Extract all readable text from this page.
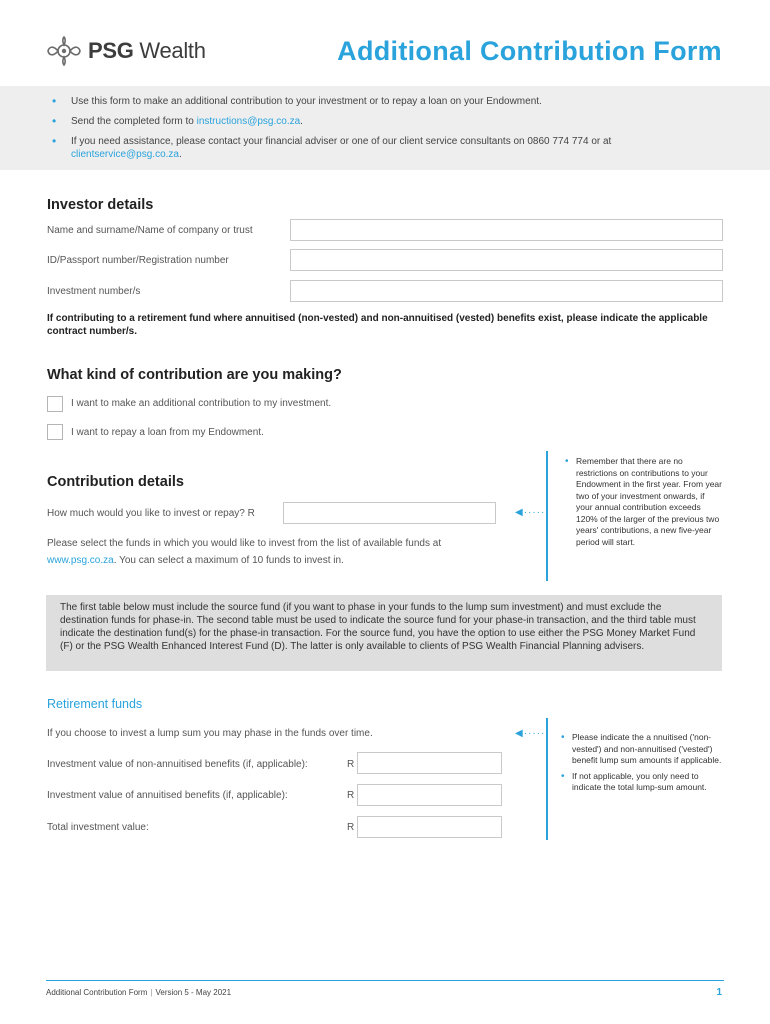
PSG Wealth	Additional Contribution Form
• Use this form to make an additional contribution to your investment or to repay a loan on your Endowment.
• Send the completed form to instructions@psg.co.za.
• If you need assistance, please contact your financial adviser or one of our client service consultants on 0860 774 774 or at
clientservice@psg.co.za.
Investor details
Name and surname/Name of company or trust
ID/Passport number/Registration number
Investment number/s
If contributing to a retirement fund where annuitised (non-vested) and non-annuitised (vested) benefits exist, please indicate the applicable contract number/s.
What kind of contribution are you making?
I want to make an additional contribution to my investment.
I want to repay a loan from my Endowment.
Contribution details
How much would you like to invest or repay? R
Please select the funds in which you would like to invest from the list of available funds at www.psg.co.za. You can select a maximum of 10 funds to invest in.
◀·····
• Remember that there are no restrictions on contributions to your Endowment in the first year. From year two of your investment onwards, if your annual contribution exceeds 120% of the larger of the previous two years' contributions, a new five-year period will start.
The first table below must include the source fund (if you want to phase in your funds to the lump sum investment) and must exclude the destination funds for phase-in. The second table must be used to indicate the source fund for your phase-in transaction, and the third table must indicate the destination fund(s) for the phase-in transaction. For the source fund, you have the option to use either the PSG Money Market Fund (F) or the PSG Wealth Enhanced Interest Fund (D). The latter is only available to clients of PSG Wealth Financial Planning advisers.
Retirement funds
If you choose to invest a lump sum you may phase in the funds over time.
Investment value of non-annuitised benefits (if, applicable):	R
Investment value of annuitised benefits (if, applicable):	R
Total investment value:	R
◀·····	• Please indicate the a nnuitised ('non-vested') and non-annuitised ('vested') benefit lump sum amounts if applicable.
• If not applicable, you only need to indicate the total lump-sum amount.
Additional Contribution Form | Version 5 - May 2021	1
